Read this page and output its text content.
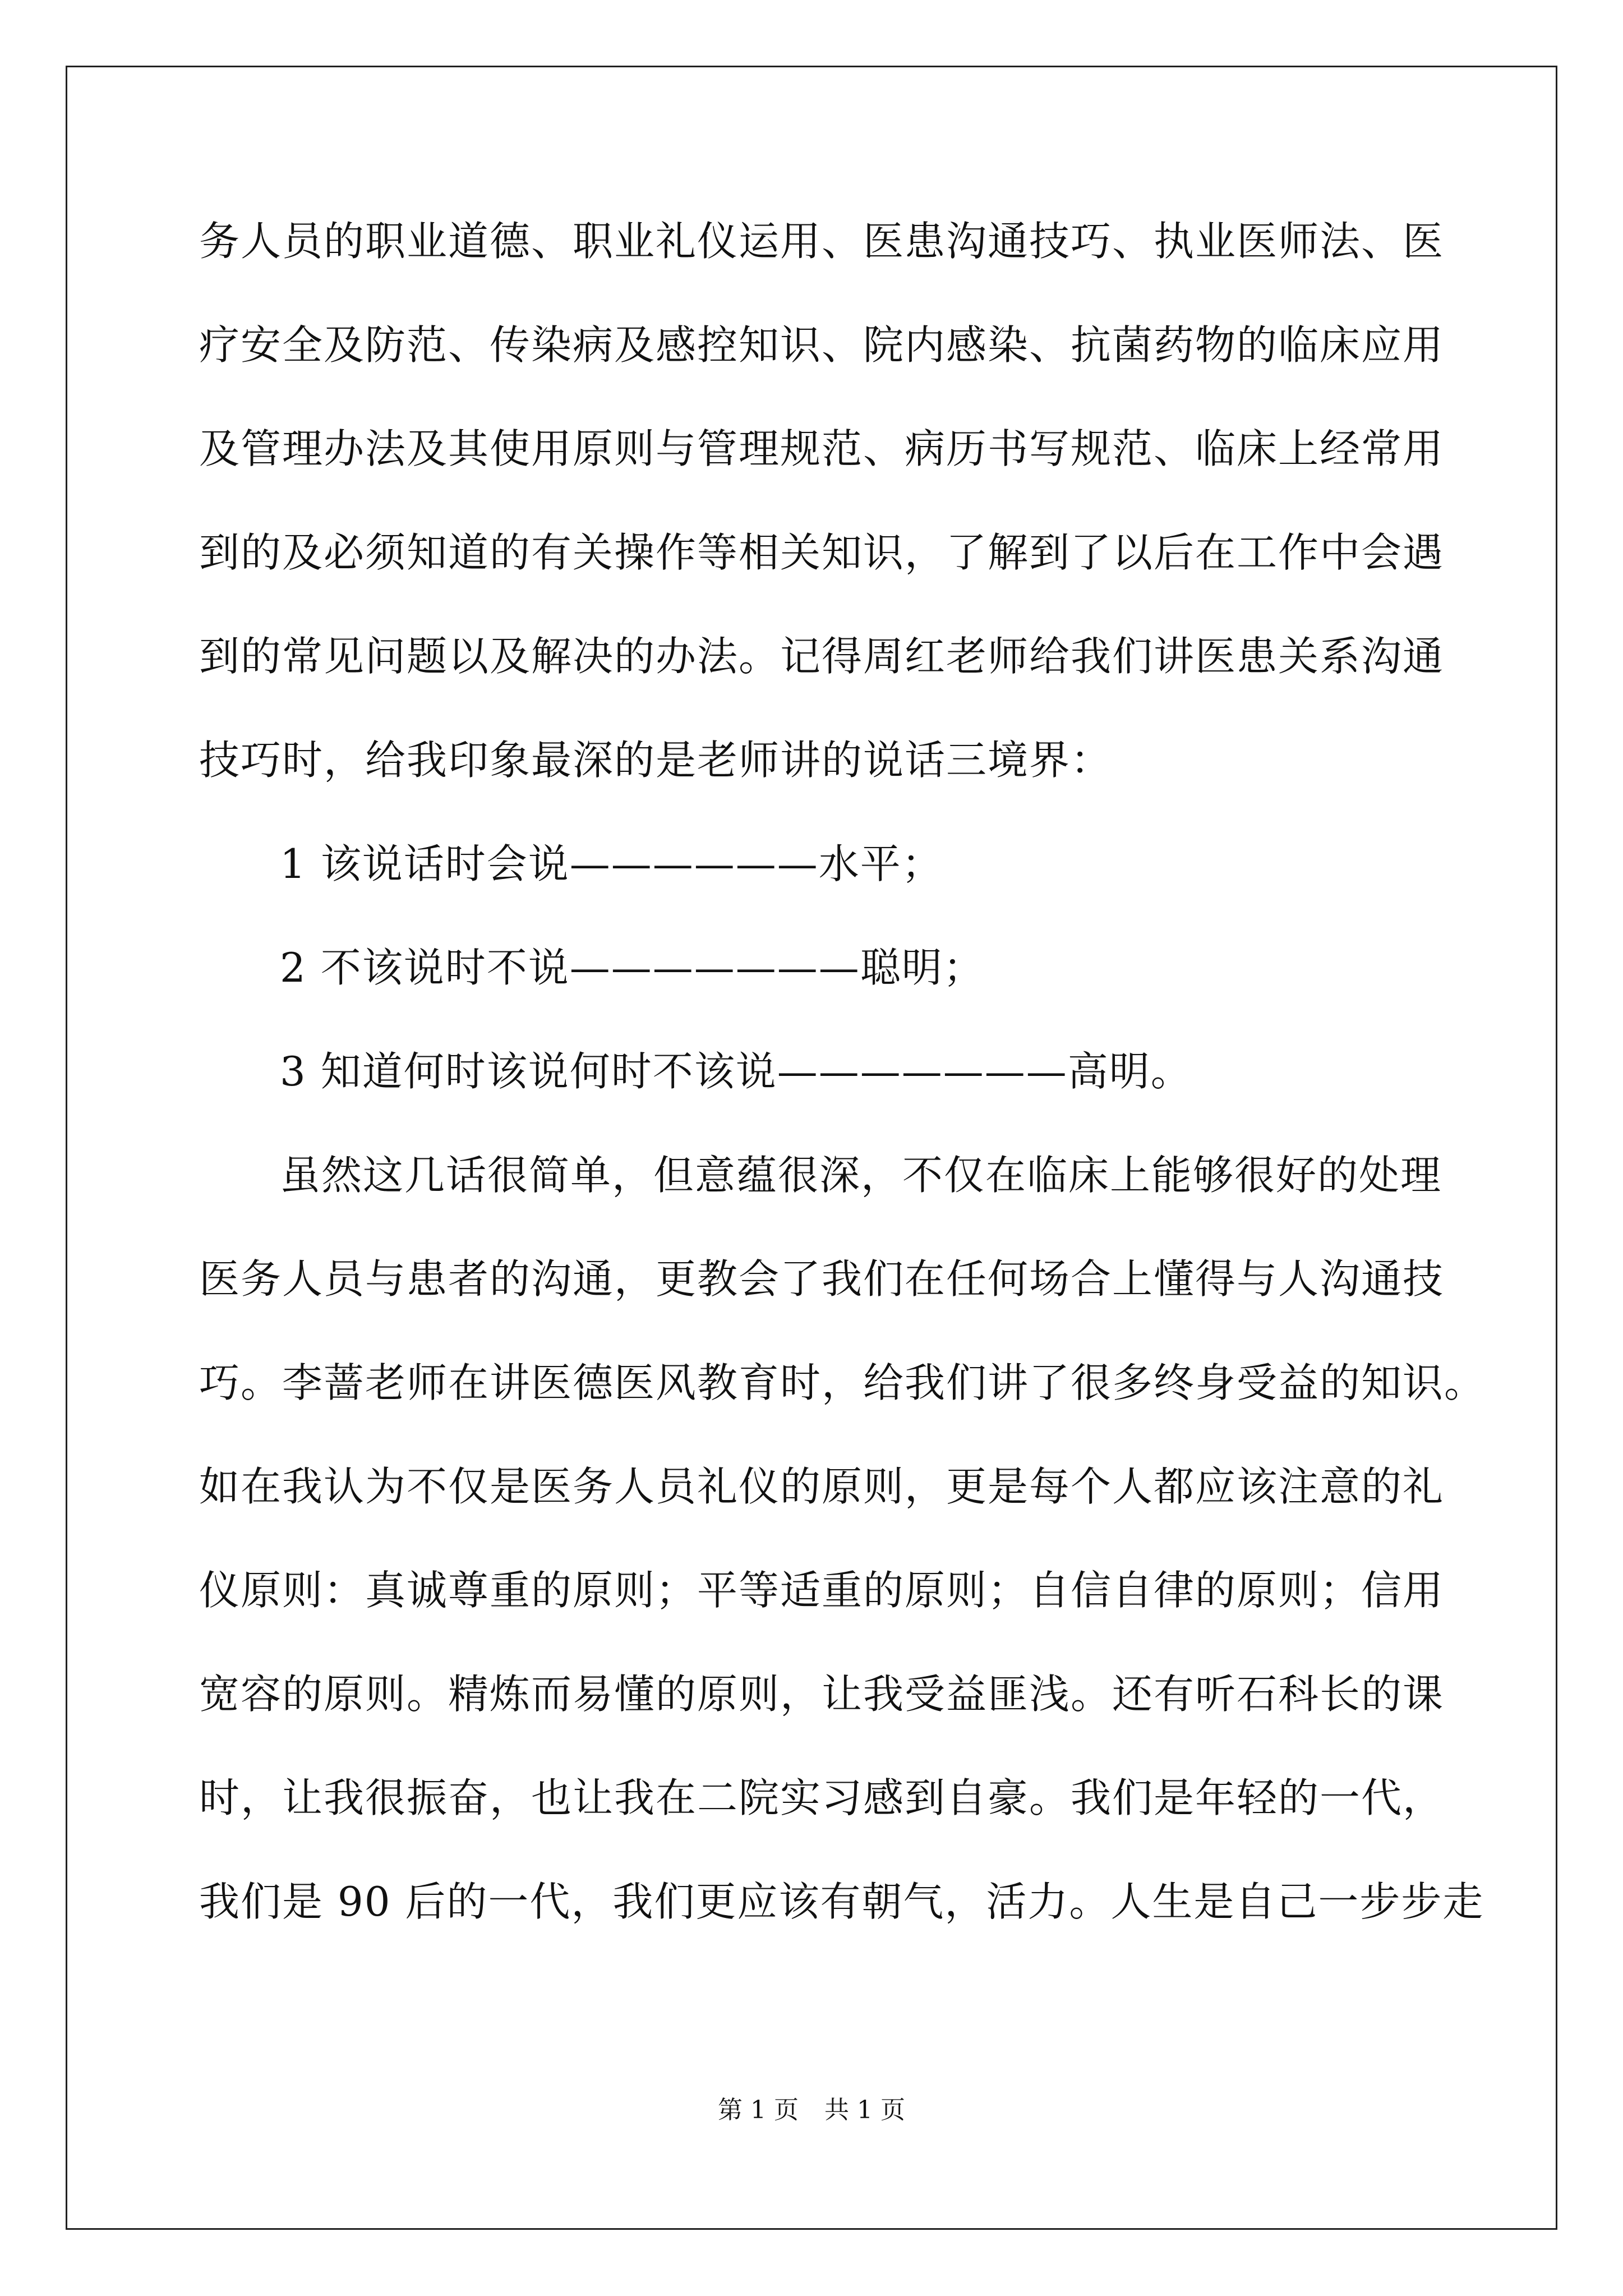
务人员的职业道德、职业礼仪运用、医患沟通技巧、执业医师法、医
疗安全及防范、传染病及感控知识、院内感染、抗菌药物的临床应用
及管理办法及其使用原则与管理规范、病历书写规范、临床上经常用
到的及必须知道的有关操作等相关知识，了解到了以后在工作中会遇
到的常见问题以及解决的办法。记得周红老师给我们讲医患关系沟通
技巧时，给我印象最深的是老师讲的说话三境界：
1 该说话时会说——————水平；
2 不该说时不说———————聪明；
3 知道何时该说何时不该说———————高明。
虽然这几话很简单，但意蕴很深，不仅在临床上能够很好的处理
医务人员与患者的沟通，更教会了我们在任何场合上懂得与人沟通技
巧。李蔷老师在讲医德医风教育时，给我们讲了很多终身受益的知识。
如在我认为不仅是医务人员礼仪的原则，更是每个人都应该注意的礼
仪原则：真诚尊重的原则；平等适重的原则；自信自律的原则；信用
宽容的原则。精炼而易懂的原则，让我受益匪浅。还有听石科长的课
时，让我很振奋，也让我在二院实习感到自豪。我们是年轻的一代，
我们是 90 后的一代，我们更应该有朝气，活力。人生是自己一步步走
第 1 页 共 1 页
